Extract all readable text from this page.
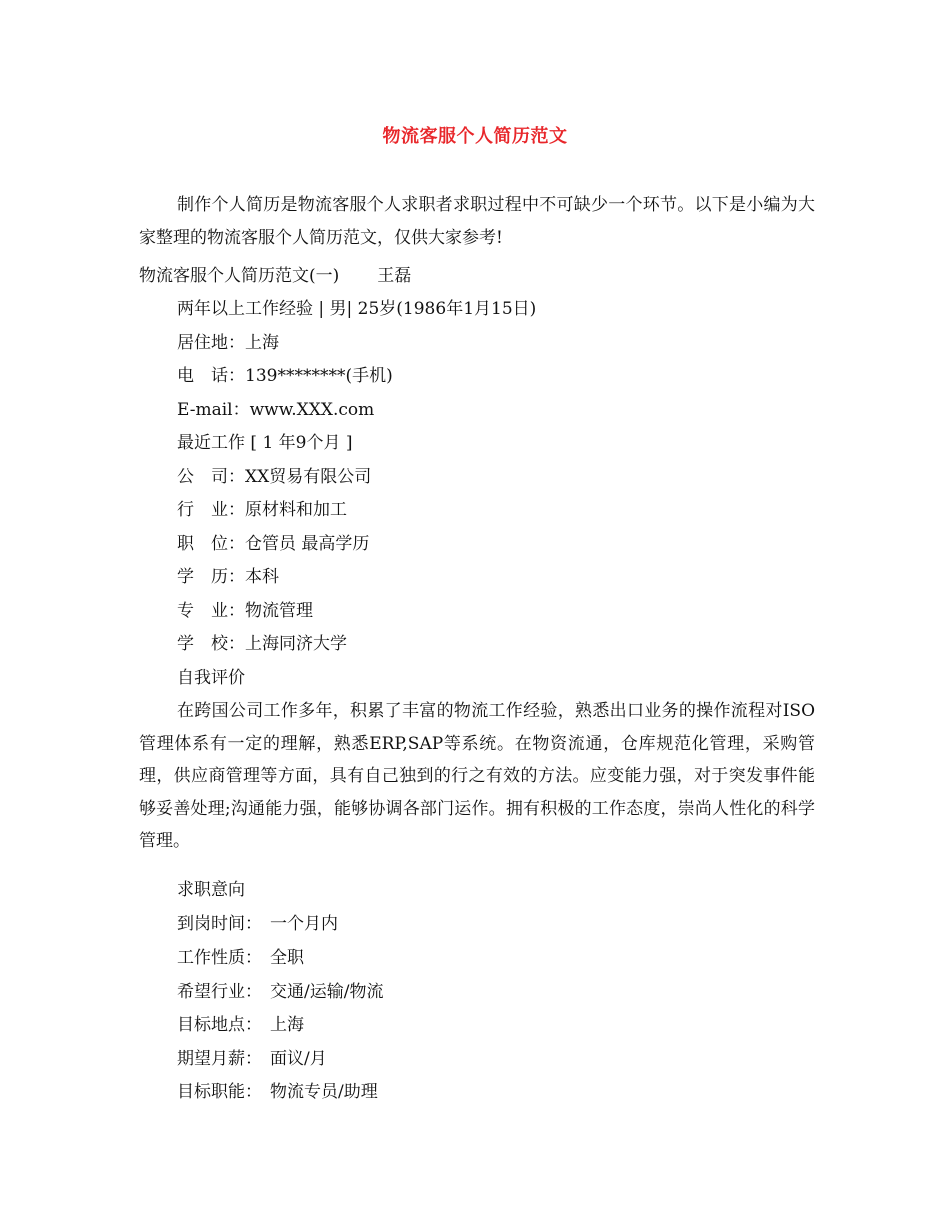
物流客服个人简历范文
制作个人简历是物流客服个人求职者求职过程中不可缺少一个环节。以下是小编为大家整理的物流客服个人简历范文，仅供大家参考!
物流客服个人简历范文(一) 王磊
两年以上工作经验 | 男| 25岁(1986年1月15日)
居住地：上海
电　话：139********(手机)
E-mail：www.XXX.com
最近工作 [ 1 年9个月 ]
公　司：XX贸易有限公司
行　业：原材料和加工
职　位：仓管员 最高学历
学　历：本科
专　业：物流管理
学　校：上海同济大学
自我评价
在跨国公司工作多年，积累了丰富的物流工作经验，熟悉出口业务的操作流程对ISO管理体系有一定的理解，熟悉ERP,SAP等系统。在物资流通，仓库规范化管理，采购管理，供应商管理等方面，具有自己独到的行之有效的方法。应变能力强，对于突发事件能够妥善处理;沟通能力强，能够协调各部门运作。拥有积极的工作态度，崇尚人性化的科学管理。
求职意向
到岗时间： 一个月内
工作性质： 全职
希望行业： 交通/运输/物流
目标地点： 上海
期望月薪： 面议/月
目标职能： 物流专员/助理
